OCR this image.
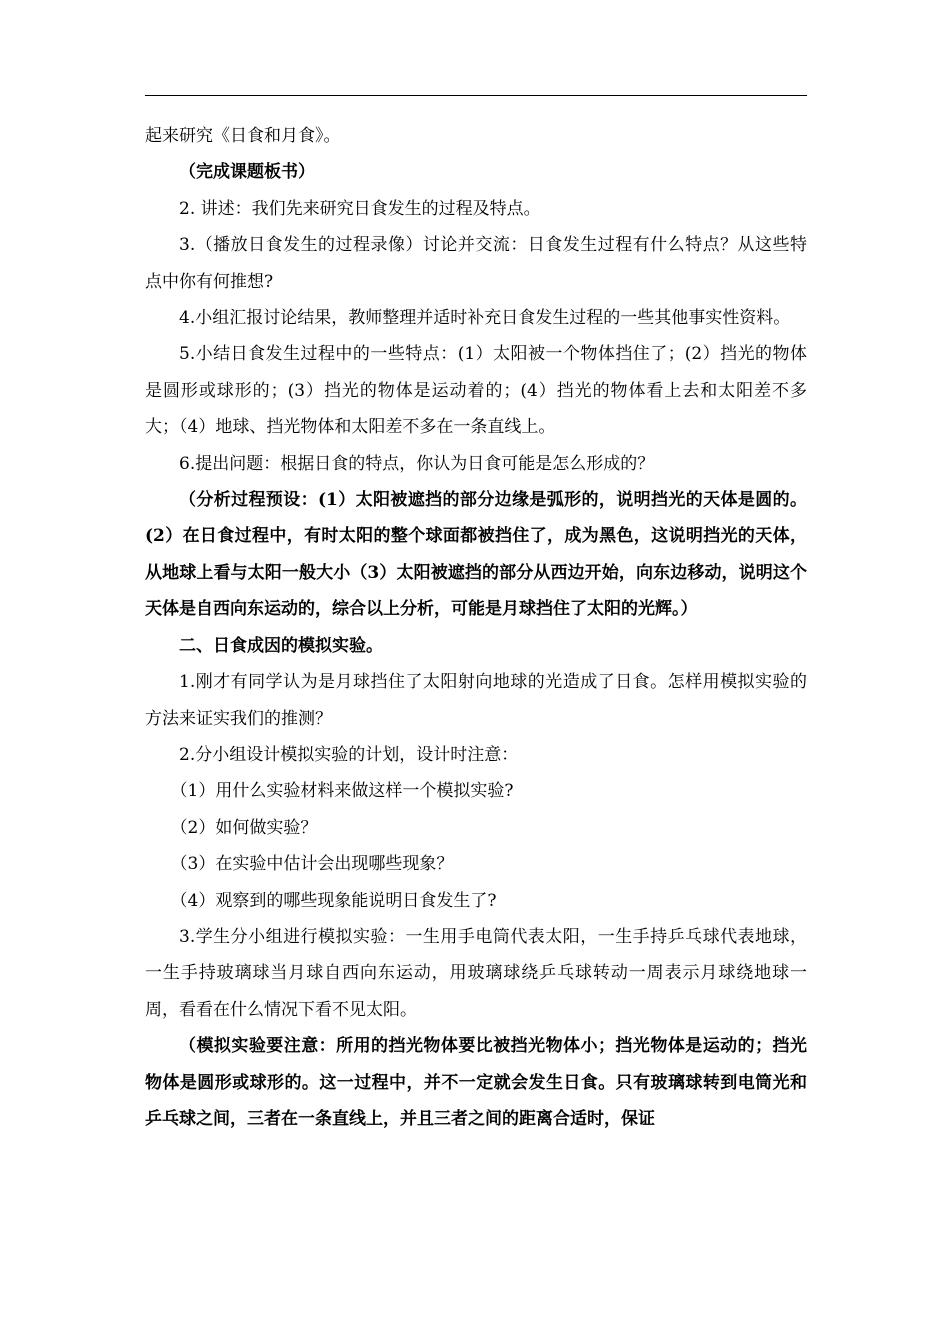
起来研究《日食和月食》。

（完成课题板书）

2. 讲述：我们先来研究日食发生的过程及特点。

3.（播放日食发生的过程录像）讨论并交流：日食发生过程有什么特点？从这些特点中你有何推想?

4.小组汇报讨论结果，教师整理并适时补充日食发生过程的一些其他事实性资料。

5.小结日食发生过程中的一些特点：(1）太阳被一个物体挡住了；(2）挡光的物体是圆形或球形的；(3）挡光的物体是运动着的；(4）挡光的物体看上去和太阳差不多大；（4）地球、挡光物体和太阳差不多在一条直线上。

6.提出问题：根据日食的特点，你认为日食可能是怎么形成的？

（分析过程预设：(1）太阳被遮挡的部分边缘是弧形的，说明挡光的天体是圆的。(2）在日食过程中，有时太阳的整个球面都被挡住了，成为黑色，这说明挡光的天体，从地球上看与太阳一般大小（3）太阳被遮挡的部分从西边开始，向东边移动，说明这个天体是自西向东运动的，综合以上分析，可能是月球挡住了太阳的光辉。）

二、日食成因的模拟实验。

1.刚才有同学认为是月球挡住了太阳射向地球的光造成了日食。怎样用模拟实验的方法来证实我们的推测？

2.分小组设计模拟实验的计划，设计时注意：

（1）用什么实验材料来做这样一个模拟实验?

（2）如何做实验？

（3）在实验中估计会出现哪些现象？

（4）观察到的哪些现象能说明日食发生了?

3.学生分小组进行模拟实验：一生用手电筒代表太阳，一生手持乒乓球代表地球，一生手持玻璃球当月球自西向东运动，用玻璃球绕乒乓球转动一周表示月球绕地球一周，看看在什么情况下看不见太阳。

（模拟实验要注意：所用的挡光物体要比被挡光物体小；挡光物体是运动的；挡光物体是圆形或球形的。这一过程中，并不一定就会发生日食。只有玻璃球转到电筒光和乒乓球之间，三者在一条直线上，并且三者之间的距离合适时，保证
